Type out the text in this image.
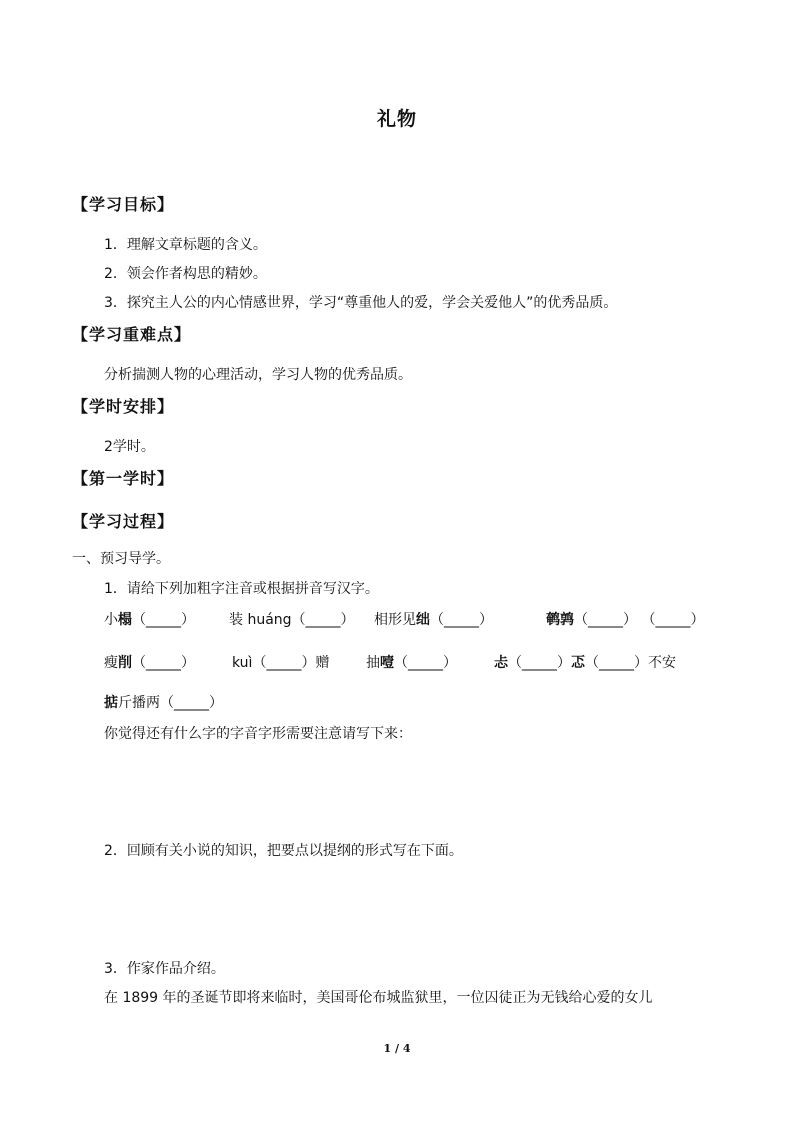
礼物
【学习目标】
1．理解文章标题的含义。
2．领会作者构思的精妙。
3．探究主人公的内心情感世界，学习“尊重他人的爱，学会关爱他人”的优秀品质。
【学习重难点】
分析揣测人物的心理活动，学习人物的优秀品质。
【学时安排】
2学时。
【第一学时】
【学习过程】
一、预习导学。
1．请给下列加粗字注音或根据拼音写汉字。
小榻（_____） 装 huáng（_____） 相形见绌（_____）	鹌鹑（_____） （_____）
瘦削（_____）	kuì（_____）赠	抽噎（_____）	忐（_____）忑（_____）不安
掂斤播两（_____）
你觉得还有什么字的字音字形需要注意请写下来：
2．回顾有关小说的知识，把要点以提纲的形式写在下面。
3．作家作品介绍。
在 1899 年的圣诞节即将来临时，美国哥伦布城监狱里，一位囚徒正为无钱给心爱的女儿
1 / 4
